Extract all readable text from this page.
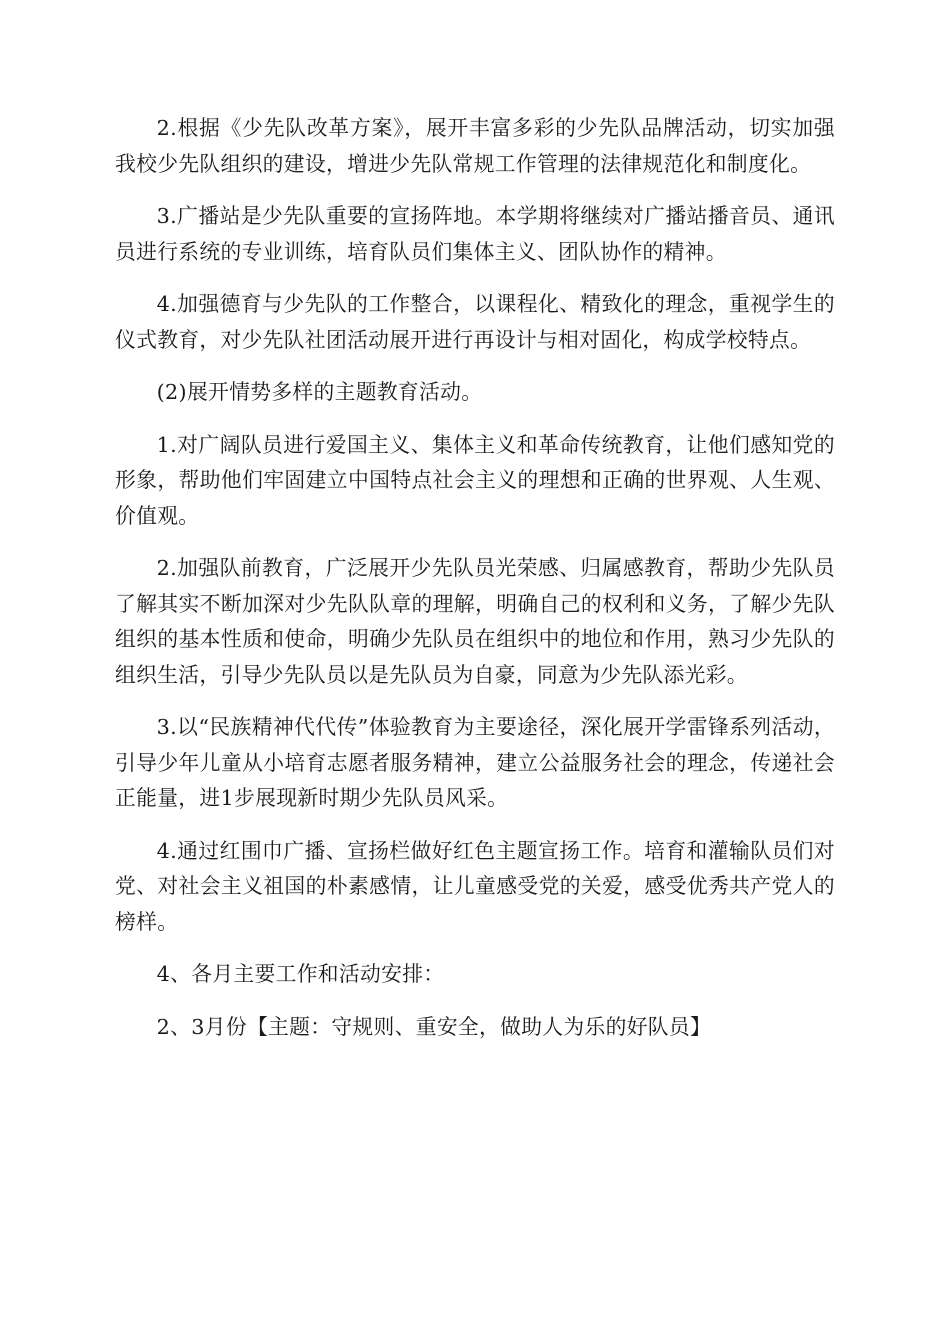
2.根据《少先队改革方案》，展开丰富多彩的少先队品牌活动，切实加强我校少先队组织的建设，增进少先队常规工作管理的法律规范化和制度化。

3.广播站是少先队重要的宣扬阵地。本学期将继续对广播站播音员、通讯员进行系统的专业训练，培育队员们集体主义、团队协作的精神。

4.加强德育与少先队的工作整合，以课程化、精致化的理念，重视学生的仪式教育，对少先队社团活动展开进行再设计与相对固化，构成学校特点。

(2)展开情势多样的主题教育活动。

1.对广阔队员进行爱国主义、集体主义和革命传统教育，让他们感知党的形象，帮助他们牢固建立中国特点社会主义的理想和正确的世界观、人生观、价值观。

2.加强队前教育，广泛展开少先队员光荣感、归属感教育，帮助少先队员了解其实不断加深对少先队队章的理解，明确自己的权利和义务，了解少先队组织的基本性质和使命，明确少先队员在组织中的地位和作用，熟习少先队的组织生活，引导少先队员以是先队员为自豪，同意为少先队添光彩。

3.以“民族精神代代传”体验教育为主要途径，深化展开学雷锋系列活动，引导少年儿童从小培育志愿者服务精神，建立公益服务社会的理念，传递社会正能量，进1步展现新时期少先队员风采。

4.通过红围巾广播、宣扬栏做好红色主题宣扬工作。培育和灌输队员们对党、对社会主义祖国的朴素感情，让儿童感受党的关爱，感受优秀共产党人的榜样。

4、各月主要工作和活动安排：

2、3月份【主题：守规则、重安全，做助人为乐的好队员】
